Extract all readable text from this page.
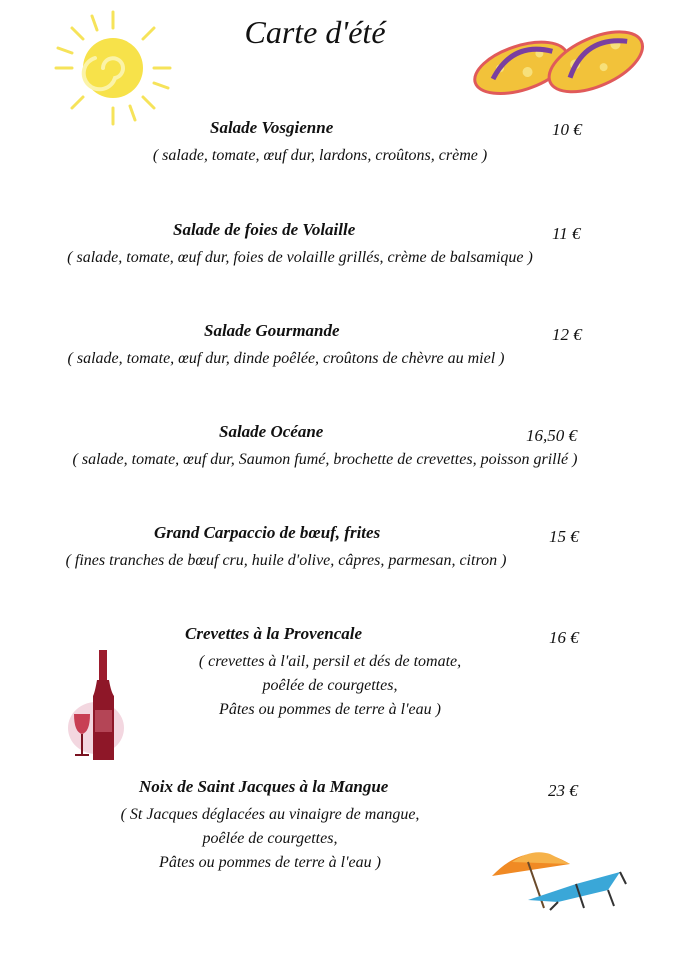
Carte d'été
Salade Vosgienne	10 €
( salade, tomate, œuf dur, lardons, croûtons, crème )
Salade de foies de Volaille	11 €
( salade, tomate, œuf dur, foies de volaille grillés, crème de balsamique )
Salade Gourmande	12 €
( salade, tomate, œuf dur, dinde poêlée, croûtons de chèvre au miel )
Salade Océane	16,50 €
( salade, tomate, œuf dur, Saumon fumé, brochette de crevettes, poisson grillé )
Grand Carpaccio de bœuf, frites	15 €
( fines tranches de bœuf cru, huile d'olive, câpres, parmesan, citron )
Crevettes à la Provencale	16 €
( crevettes à l'ail, persil et dés de tomate,
poêlée de courgettes,
Pâtes ou pommes de terre à l'eau )
Noix de Saint Jacques à la Mangue	23 €
( St Jacques déglacées au vinaigre de mangue,
poêlée de courgettes,
Pâtes ou pommes de terre à l'eau )
